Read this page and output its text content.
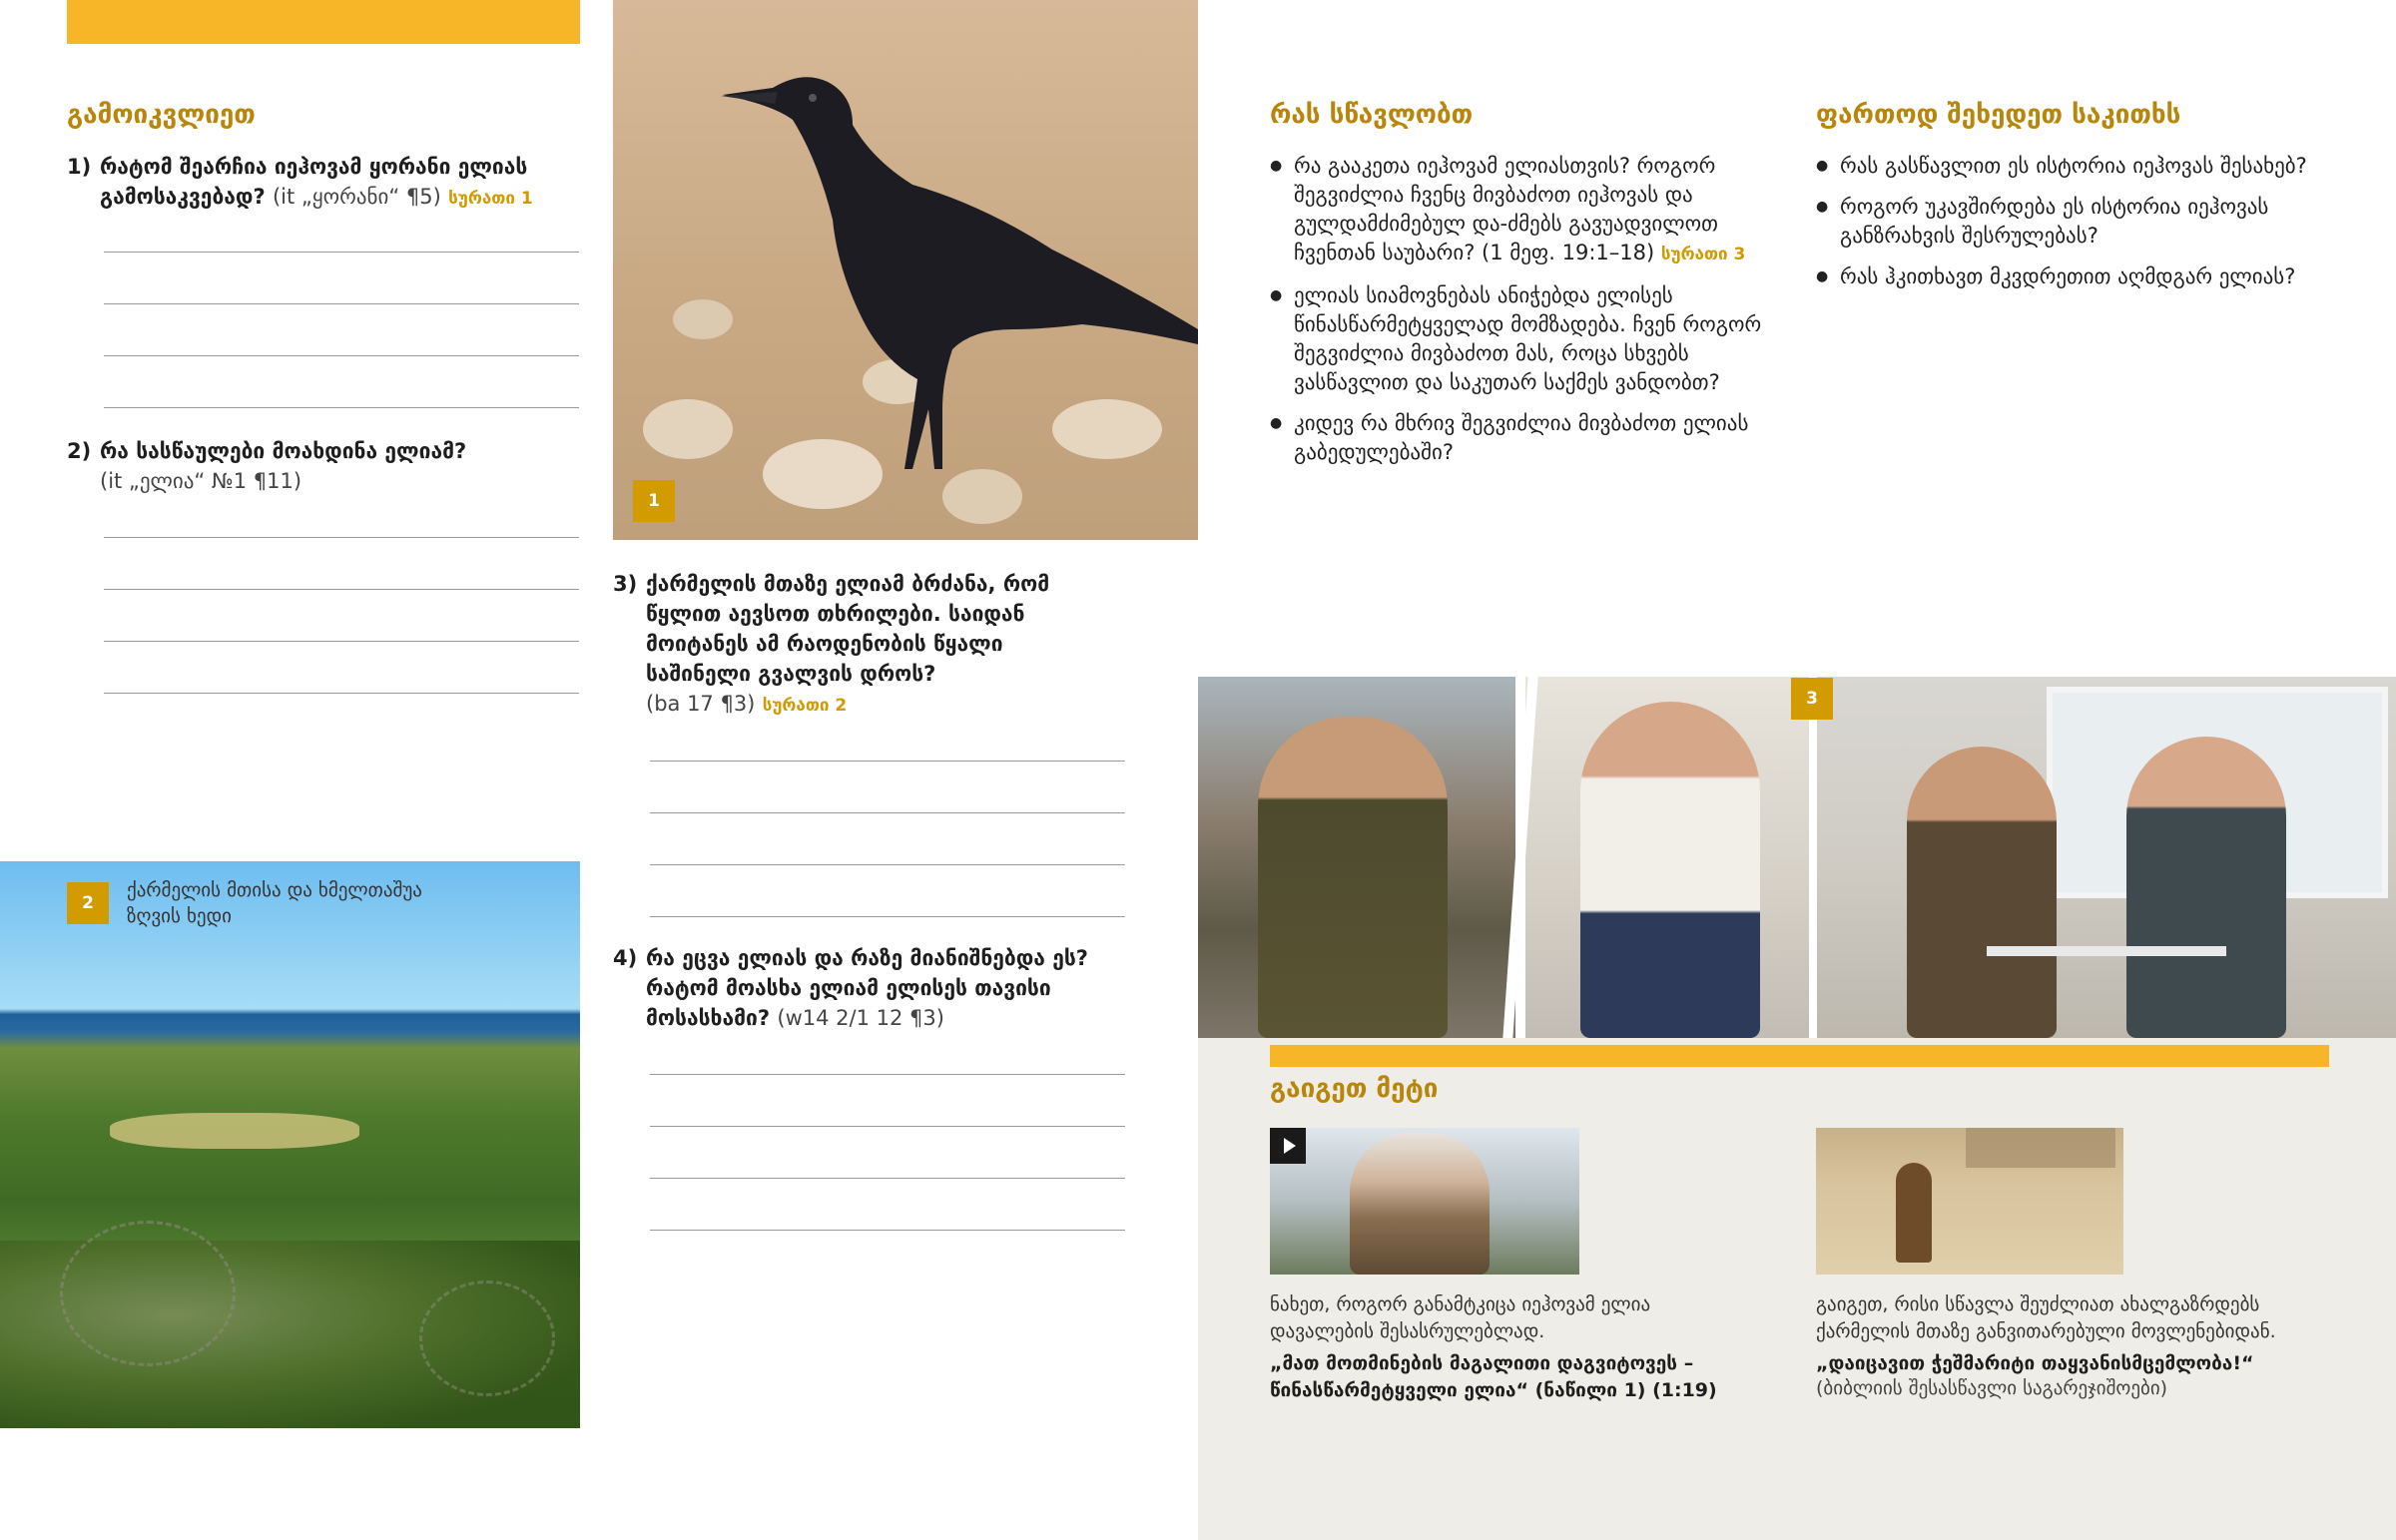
გამოიკვლიეთ
1) რატომ შეარჩია იეჰოვამ ყორანი ელიას გამოსაკვებად? (it „ყორანი“ ¶5) სურათი 1
2) რა სასწაულები მოახდინა ელიამ?
(it „ელია“ №1 ¶11)
2
ქარმელის მთისა და ხმელთაშუა ზღვის ხედი
1
3) ქარმელის მთაზე ელიამ ბრძანა, რომ წყლით აევსოთ თხრილები. საიდან მოიტანეს ამ რაოდენობის წყალი საშინელი გვალვის დროს?
(ba 17 ¶3) სურათი 2
4) რა ეცვა ელიას და რაზე მიანიშნებდა ეს? რატომ მოასხა ელიამ ელისეს თავისი მოსასხამი? (w14 2/1 12 ¶3)
რას სწავლობთ
● რა გააკეთა იეჰოვამ ელიასთვის? როგორ შეგვიძლია ჩვენც მივბაძოთ იეჰოვას და გულდამძიმებულ და-ძმებს გავუადვილოთ ჩვენთან საუბარი? (1 მეფ. 19:1–18) სურათი 3
● ელიას სიამოვნებას ანიჭებდა ელისეს წინასწარმეტყველად მომზადება. ჩვენ როგორ შეგვიძლია მივბაძოთ მას, როცა სხვებს ვასწავლით და საკუთარ საქმეს ვანდობთ?
● კიდევ რა მხრივ შეგვიძლია მივბაძოთ ელიას გაბედულებაში?
ფართოდ შეხედეთ საკითხს
● რას გასწავლით ეს ისტორია იეჰოვას შესახებ?
● როგორ უკავშირდება ეს ისტორია იეჰოვას განზრახვის შესრულებას?
● რას ჰკითხავთ მკვდრეთით აღმდგარ ელიას?
3
გაიგეთ მეტი
ნახეთ, როგორ განამტკიცა იეჰოვამ ელია დავალების შესასრულებლად.
„მათ მოთმინების მაგალითი დაგვიტოვეს – წინასწარმეტყველი ელია“ (ნაწილი 1) (1:19)
გაიგეთ, რისი სწავლა შეუძლიათ ახალგაზრდებს ქარმელის მთაზე განვითარებული მოვლენებიდან.
„დაიცავით ჭეშმარიტი თაყვანისმცემლობა!“
(ბიბლიის შესასწავლი საგარეჯიშოები)
